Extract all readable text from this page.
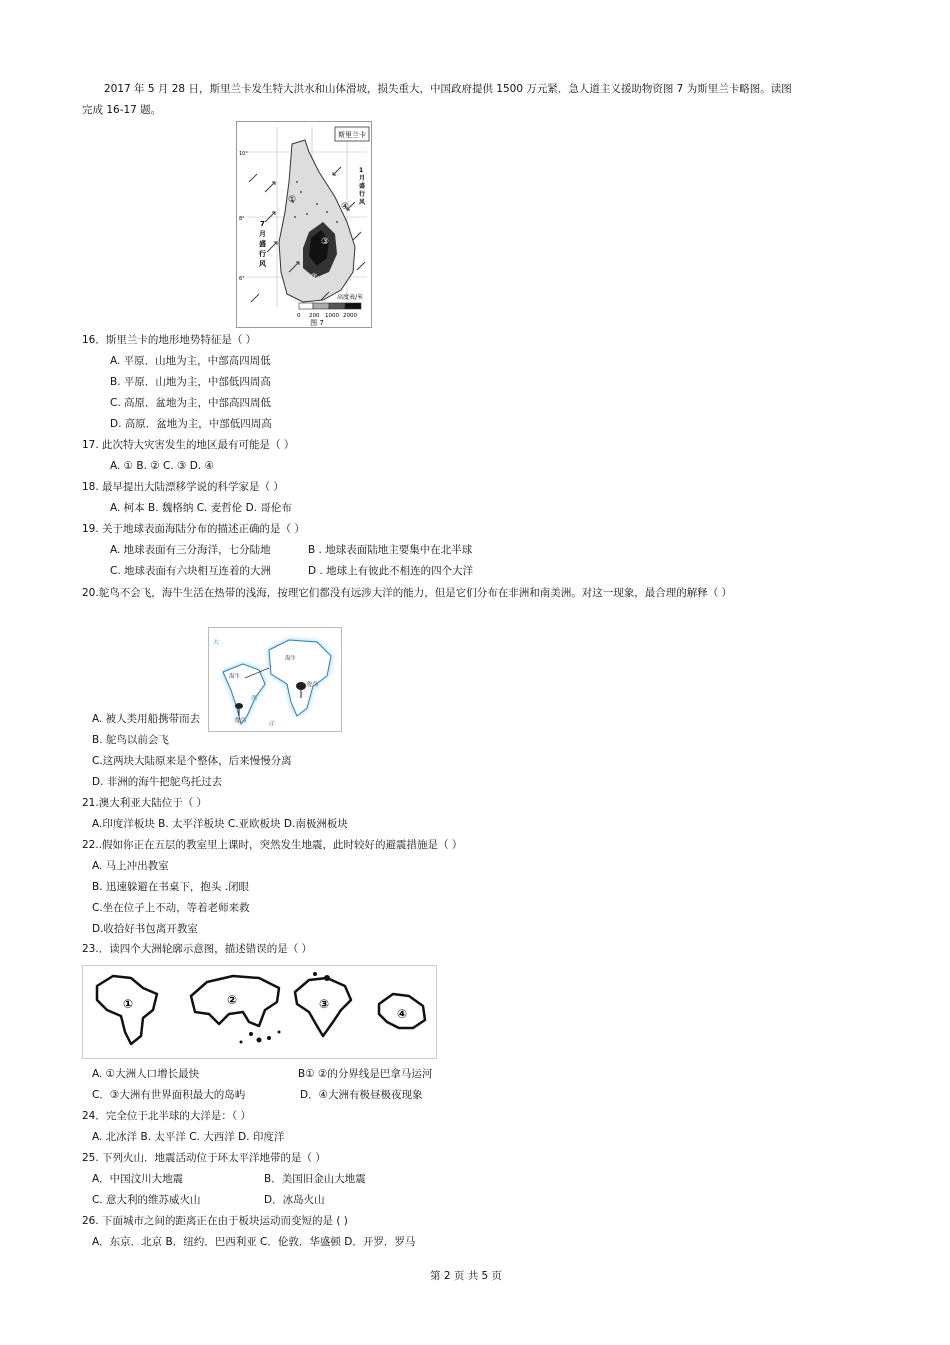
2017 年 5 月 28 日，斯里兰卡发生特大洪水和山体滑坡，损失重大，中国政府提供 1500 万元紧．急人道主义援助物资图 7 为斯里兰卡略图。读图
完成 16-17 题。
斯里兰卡
10°
8°
6°
7
月
盛
行
风
1
月
盛
行
风
①
②
③
④
高度表/米
0 200 1000 2000
图 7
16．斯里兰卡的地形地势特征是（ ）
A. 平原．山地为主，中部高四周低
B. 平原．山地为主，中部低四周高
C. 高原．盆地为主，中部高四周低
D. 高原．盆地为主，中部低四周高
17. 此次特大灾害发生的地区最有可能是（ ）
A. ① B. ② C. ③ D. ④
18. 最早提出大陆漂移学说的科学家是（ ）
A. 柯本 B. 魏格纳 C. 麦哲伦 D. 哥伦布
19. 关于地球表面海陆分布的描述正确的是（ ）
A. 地球表面有三分海洋，七分陆地	B . 地球表面陆地主要集中在北半球
C. 地球表面有六块相互连着的大洲	D . 地球上有彼此不相连的四个大洋
20.鸵鸟不会飞，海牛生活在热带的浅海，按理它们都没有远涉大洋的能力，但是它们分布在非洲和南美洲。对这一现象，最合理的解释（ ）
大
西
洋
海牛
海牛
鸵鸟
鸵鸟
A. 被人类用船携带而去
B. 鸵鸟以前会飞
C.这两块大陆原来是个整体，后来慢慢分离
D. 非洲的海牛把鸵鸟托过去
21.澳大利亚大陆位于（ ）
A.印度洋板块 B. 太平洋板块 C.亚欧板块 D.南极洲板块
22..假如你正在五层的教室里上课时，突然发生地震，此时较好的避震措施是（ ）
A. 马上冲出教室
B. 迅速躲避在书桌下，抱头 .闭眼
C.坐在位子上不动，等着老师来救
D.收拾好书包离开教室
23.．读四个大洲轮廓示意图，描述错误的是（ ）
①	②	③
④
A. ①大洲人口增长最快	B① ②的分界线是巴拿马运河
C．③大洲有世界面积最大的岛屿	D．④大洲有极昼极夜现象
24．完全位于北半球的大洋是：（ ）
A. 北冰洋 B. 太平洋 C. 大西洋 D. 印度洋
25. 下列火山．地震活动位于环太平洋地带的是（ ）
A．中国汶川大地震	B．美国旧金山大地震
C. 意大利的维苏威火山	D．冰岛火山
26. 下面城市之间的距离正在由于板块运动而变短的是 ( )
A．东京．北京 B．纽约．巴西利亚 C．伦敦．华盛顿 D．开罗．罗马
第 2 页 共 5 页
